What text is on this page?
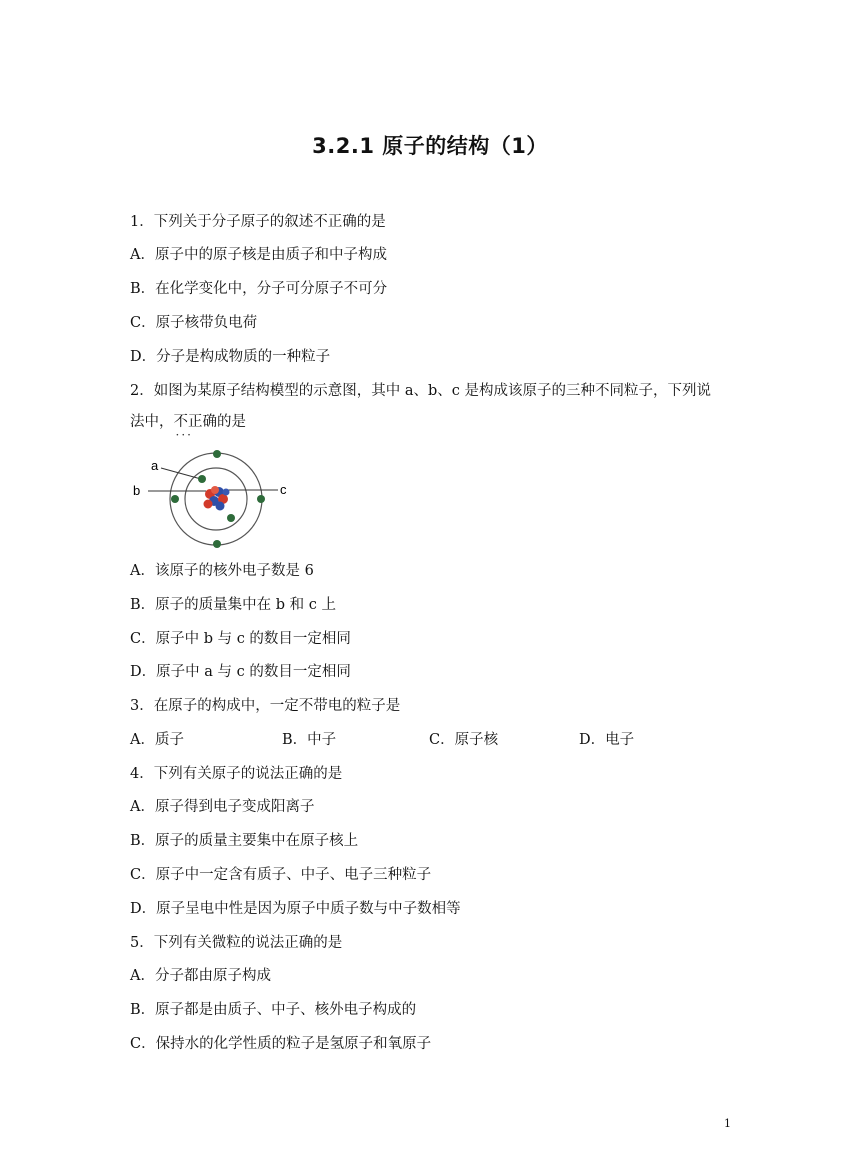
3.2.1 原子的结构（1）
1．下列关于分子原子的叙述不正确的是
A．原子中的原子核是由质子和中子构成
B．在化学变化中，分子可分原子不可分
C．原子核带负电荷
D．分子是构成物质的一种粒子
2．如图为某原子结构模型的示意图，其中 a、b、c 是构成该原子的三种不同粒子，下列说
法中，不正确 ···的是
a
b	c
A．该原子的核外电子数是 6
B．原子的质量集中在 b 和 c 上
C．原子中 b 与 c 的数目一定相同
D．原子中 a 与 c 的数目一定相同
3．在原子的构成中，一定不带电的粒子是
A．质子	B．中子	C．原子核	D．电子
4．下列有关原子的说法正确的是
A．原子得到电子变成阳离子
B．原子的质量主要集中在原子核上
C．原子中一定含有质子、中子、电子三种粒子
D．原子呈电中性是因为原子中质子数与中子数相等
5．下列有关微粒的说法正确的是
A．分子都由原子构成
B．原子都是由质子、中子、核外电子构成的
C．保持水的化学性质的粒子是氢原子和氧原子
1
